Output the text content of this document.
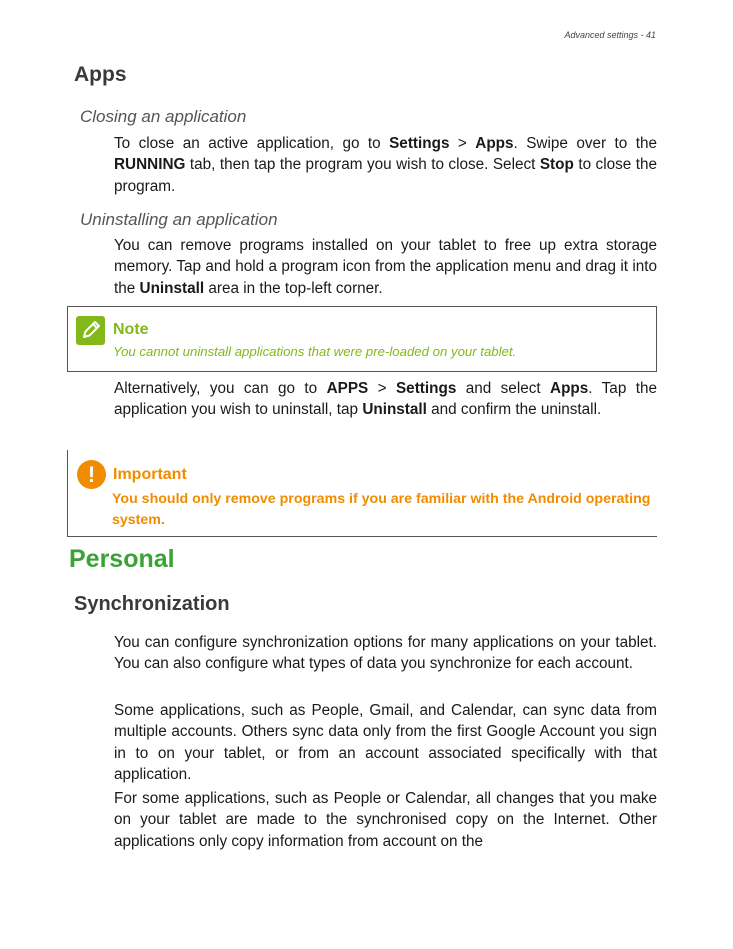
Advanced settings - 41
Apps
Closing an application
To close an active application, go to Settings > Apps. Swipe over to the RUNNING tab, then tap the program you wish to close. Select Stop to close the program.
Uninstalling an application
You can remove programs installed on your tablet to free up extra storage memory. Tap and hold a program icon from the application menu and drag it into the Uninstall area in the top-left corner.
Note
You cannot uninstall applications that were pre-loaded on your tablet.
Alternatively, you can go to APPS > Settings and select Apps. Tap the application you wish to uninstall, tap Uninstall and confirm the uninstall.
!	Important
You should only remove programs if you are familiar with the Android operating system.
Personal
Synchronization
You can configure synchronization options for many applications on your tablet. You can also configure what types of data you synchronize for each account.
Some applications, such as People, Gmail, and Calendar, can sync data from multiple accounts. Others sync data only from the first Google Account you sign in to on your tablet, or from an account associated specifically with that application.
For some applications, such as People or Calendar, all changes that you make on your tablet are made to the synchronised copy on the Internet. Other applications only copy information from account on the
